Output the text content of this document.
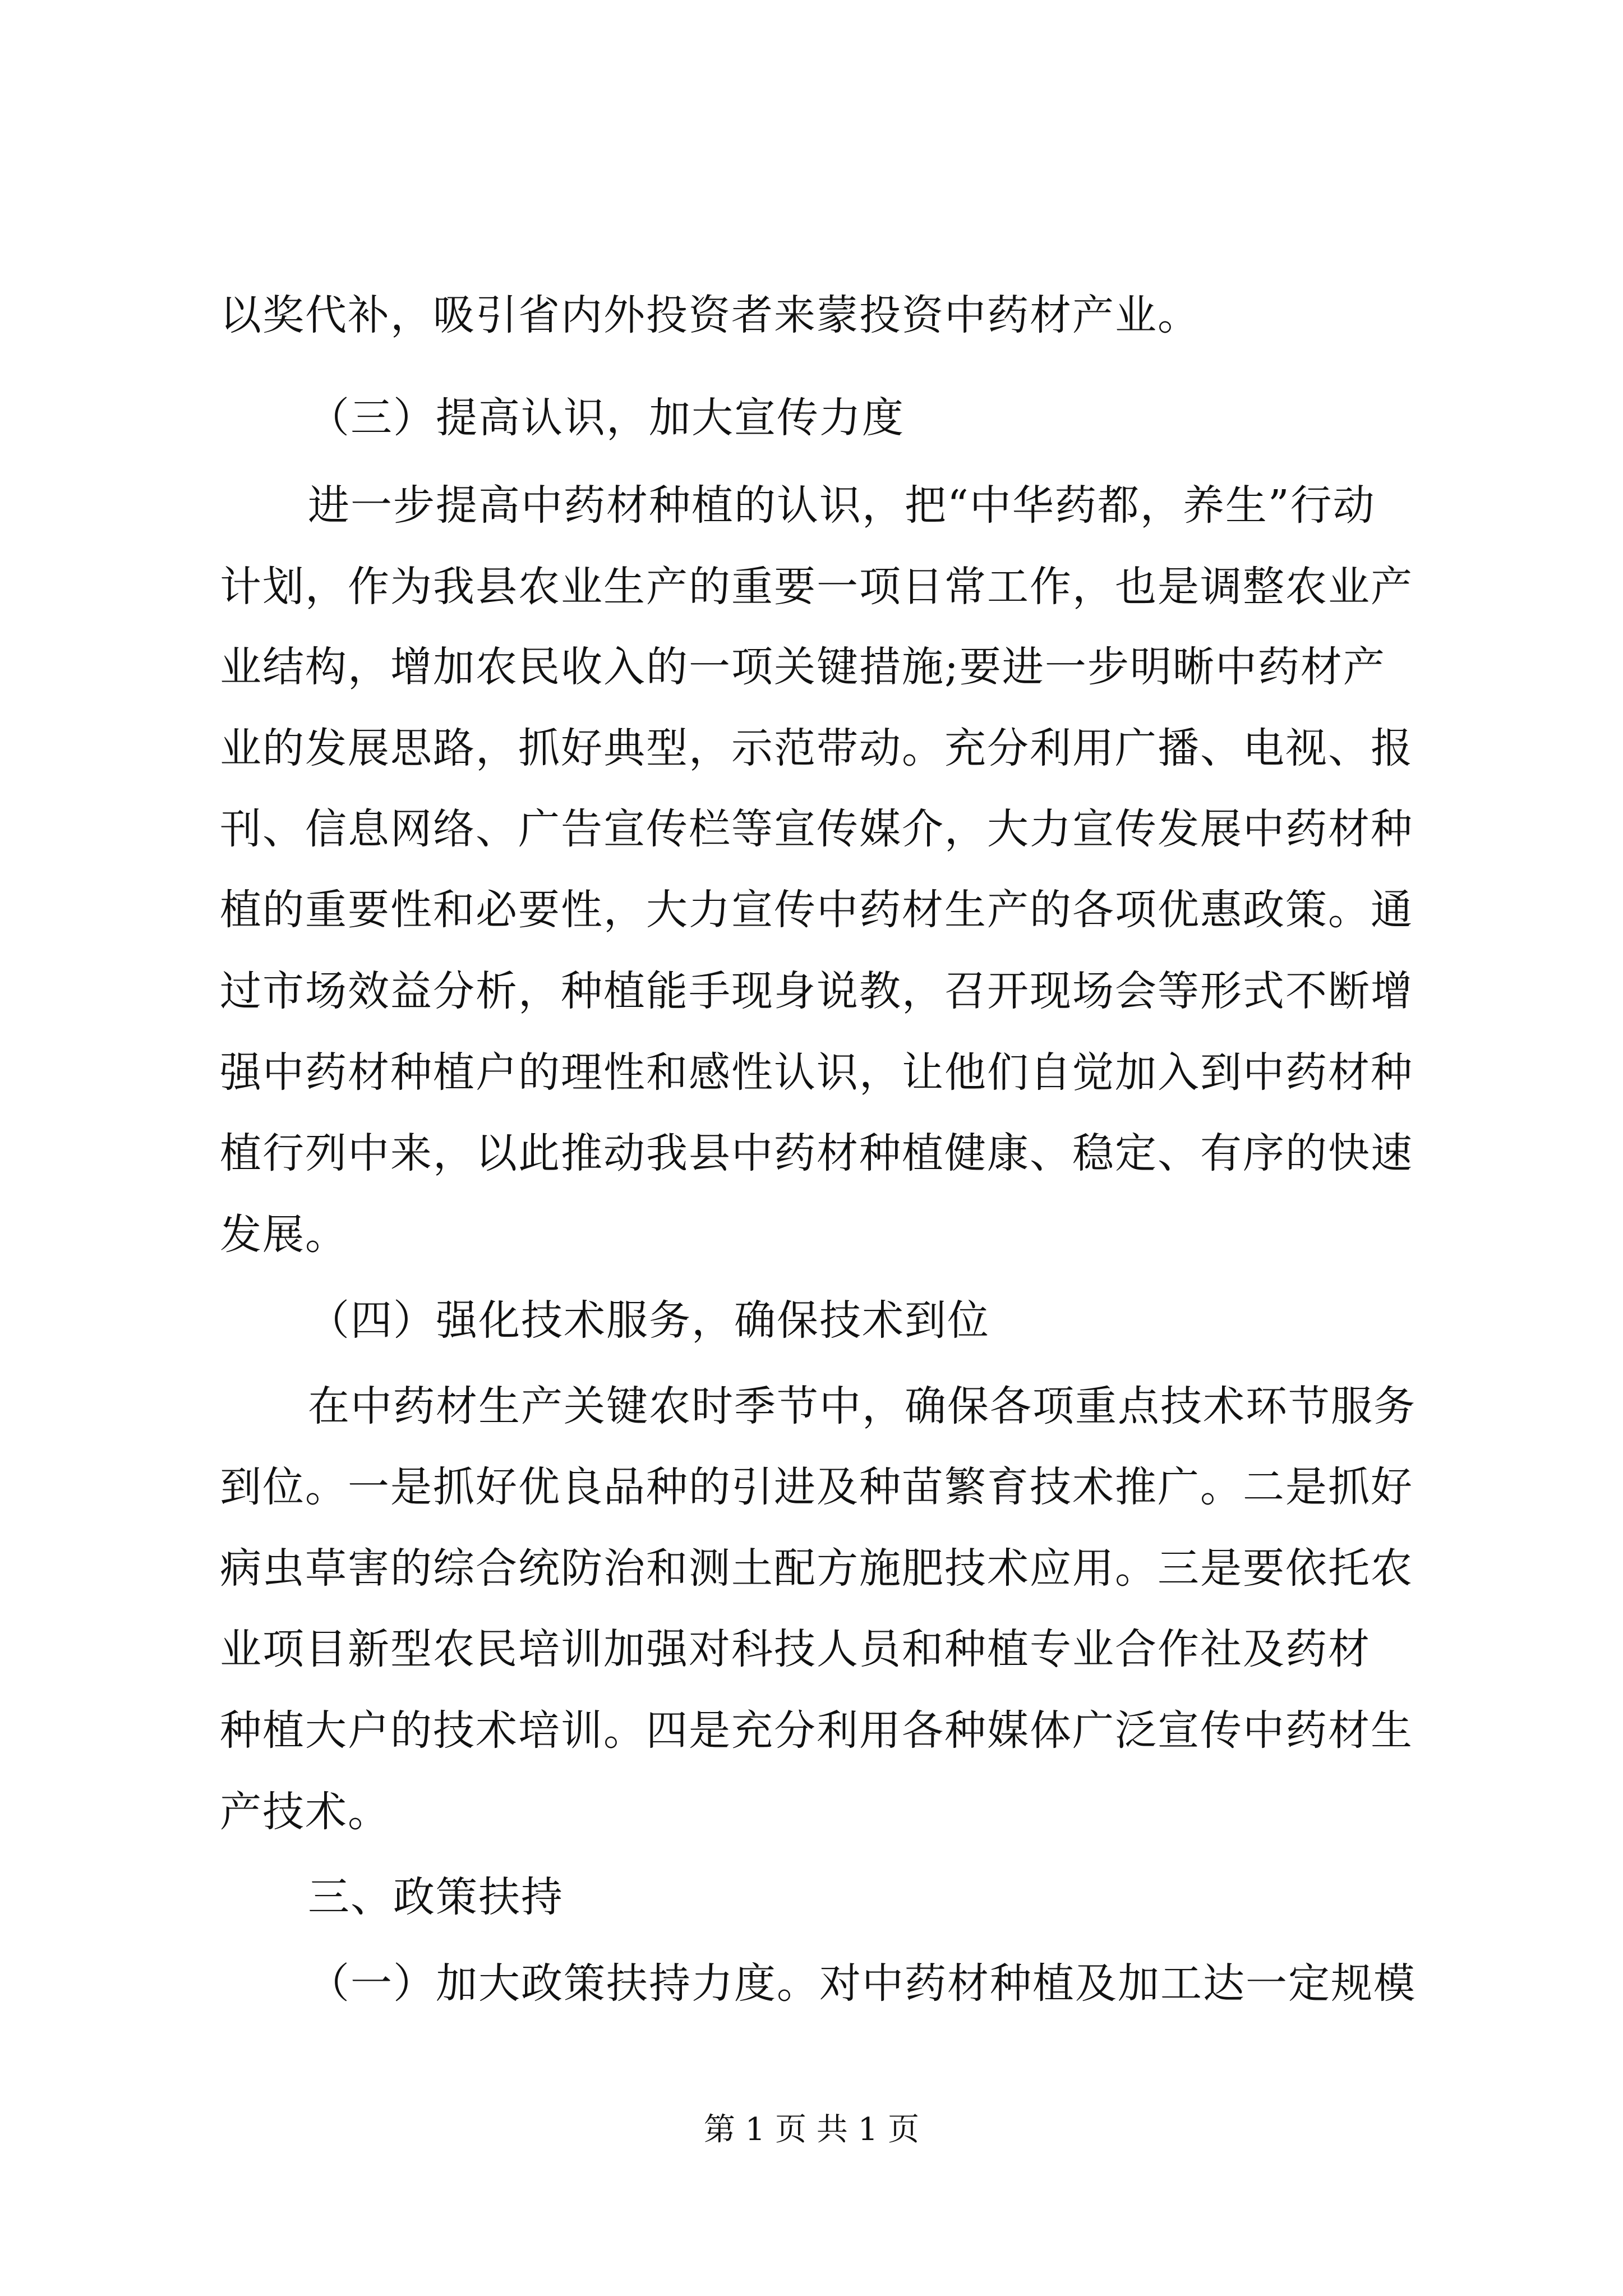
以奖代补，吸引省内外投资者来蒙投资中药材产业。
（三）提高认识，加大宣传力度
进一步提高中药材种植的认识，把“中华药都，养生”行动
计划，作为我县农业生产的重要一项日常工作，也是调整农业产
业结构，增加农民收入的一项关键措施;要进一步明晰中药材产
业的发展思路，抓好典型，示范带动。充分利用广播、电视、报
刊、信息网络、广告宣传栏等宣传媒介，大力宣传发展中药材种
植的重要性和必要性，大力宣传中药材生产的各项优惠政策。通
过市场效益分析，种植能手现身说教，召开现场会等形式不断增
强中药材种植户的理性和感性认识，让他们自觉加入到中药材种
植行列中来，以此推动我县中药材种植健康、稳定、有序的快速
发展。
（四）强化技术服务，确保技术到位
在中药材生产关键农时季节中，确保各项重点技术环节服务
到位。一是抓好优良品种的引进及种苗繁育技术推广。二是抓好
病虫草害的综合统防治和测土配方施肥技术应用。三是要依托农
业项目新型农民培训加强对科技人员和种植专业合作社及药材
种植大户的技术培训。四是充分利用各种媒体广泛宣传中药材生
产技术。
三、政策扶持
（一）加大政策扶持力度。对中药材种植及加工达一定规模
第 1 页 共 1 页
